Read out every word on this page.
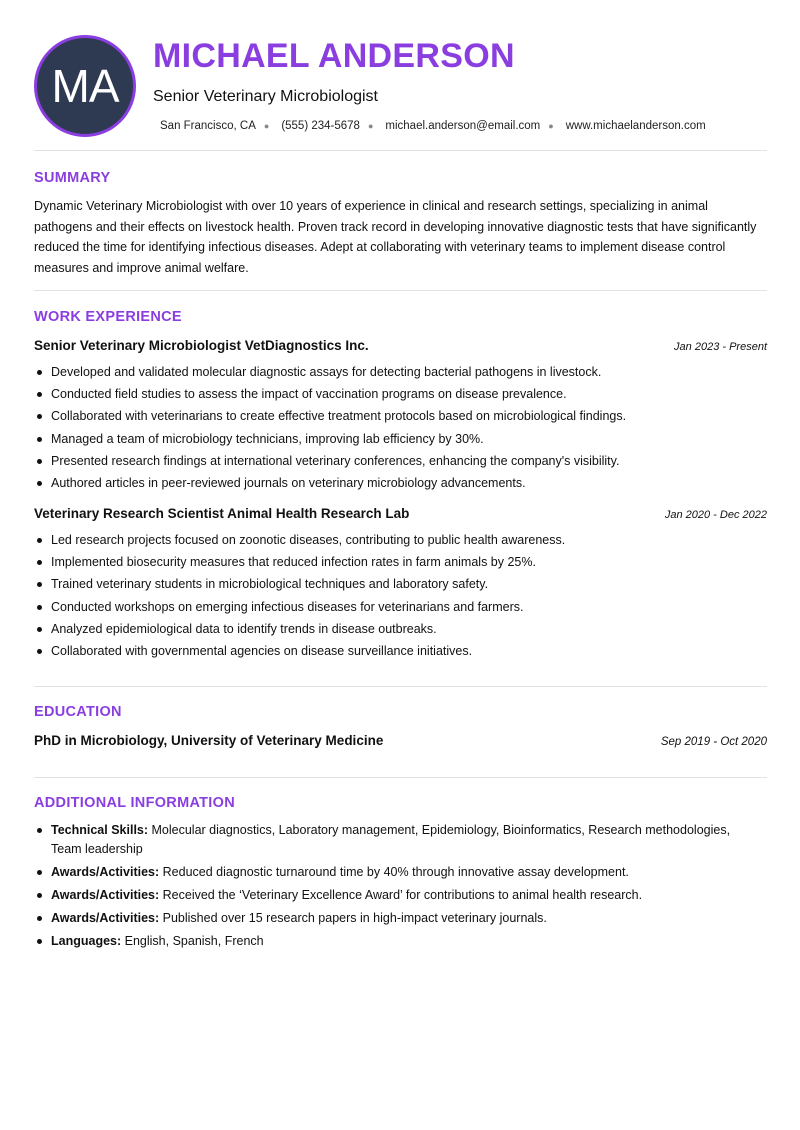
MA
MICHAEL ANDERSON
Senior Veterinary Microbiologist
San Francisco, CA ● (555) 234-5678 ● michael.anderson@email.com ● www.michaelanderson.com
SUMMARY

Dynamic Veterinary Microbiologist with over 10 years of experience in clinical and research settings, specializing in animal pathogens and their effects on livestock health. Proven track record in developing innovative diagnostic tests that have significantly reduced the time for identifying infectious diseases. Adept at collaborating with veterinary teams to implement disease control measures and improve animal welfare.

WORK EXPERIENCE
Senior Veterinary Microbiologist VetDiagnostics Inc.	Jan 2023 - Present
Developed and validated molecular diagnostic assays for detecting bacterial pathogens in livestock.
Conducted field studies to assess the impact of vaccination programs on disease prevalence.
Collaborated with veterinarians to create effective treatment protocols based on microbiological findings.
Managed a team of microbiology technicians, improving lab efficiency by 30%.
Presented research findings at international veterinary conferences, enhancing the company's visibility.
Authored articles in peer-reviewed journals on veterinary microbiology advancements.
Veterinary Research Scientist Animal Health Research Lab	Jan 2020 - Dec 2022
Led research projects focused on zoonotic diseases, contributing to public health awareness.
Implemented biosecurity measures that reduced infection rates in farm animals by 25%.
Trained veterinary students in microbiological techniques and laboratory safety.
Conducted workshops on emerging infectious diseases for veterinarians and farmers.
Analyzed epidemiological data to identify trends in disease outbreaks.
Collaborated with governmental agencies on disease surveillance initiatives.
EDUCATION
PhD in Microbiology, University of Veterinary Medicine	Sep 2019 - Oct 2020
ADDITIONAL INFORMATION
Technical Skills: Molecular diagnostics, Laboratory management, Epidemiology, Bioinformatics, Research methodologies, Team leadership
Awards/Activities: Reduced diagnostic turnaround time by 40% through innovative assay development.
Awards/Activities: Received the ‘Veterinary Excellence Award’ for contributions to animal health research.
Awards/Activities: Published over 15 research papers in high-impact veterinary journals.
Languages: English, Spanish, French
